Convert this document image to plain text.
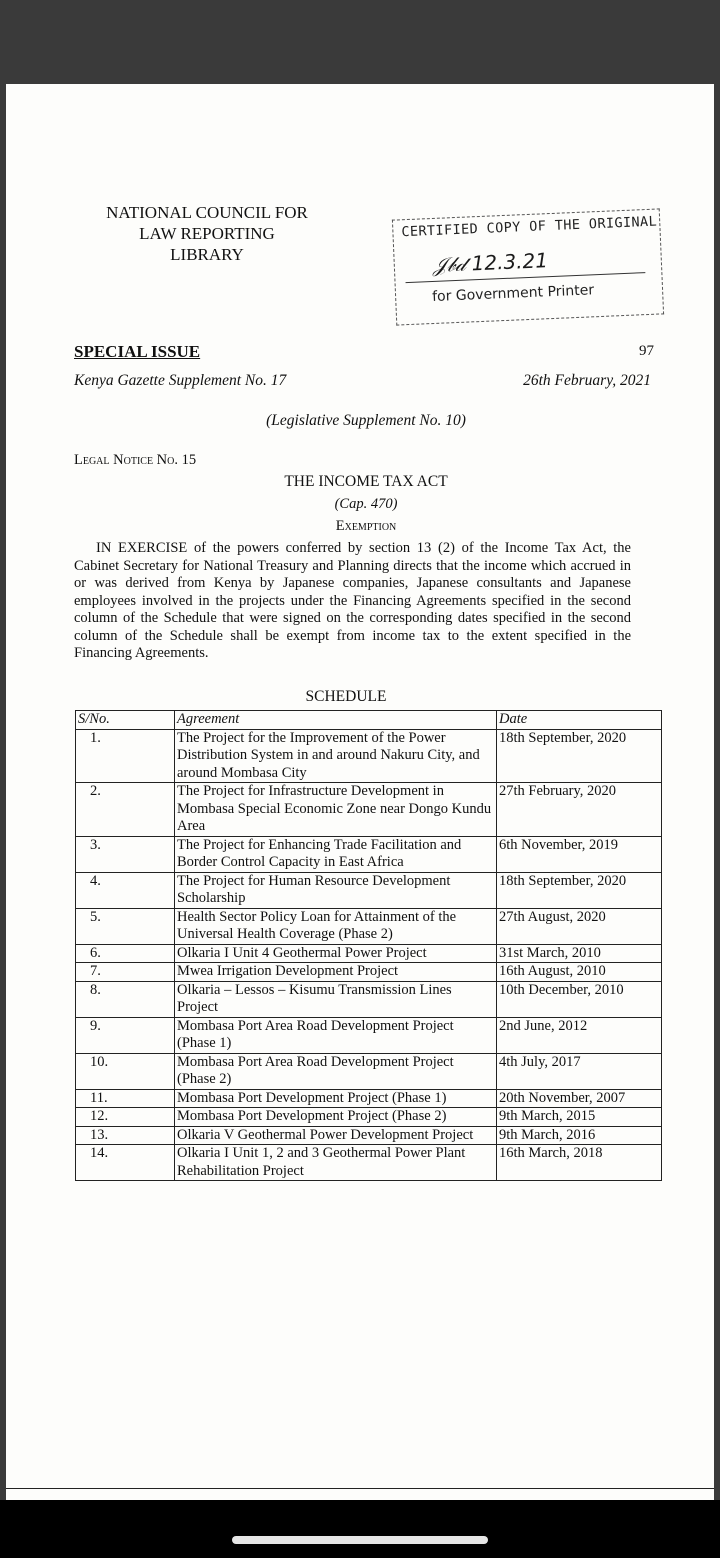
NATIONAL COUNCIL FOR
LAW REPORTING
LIBRARY
CERTIFIED COPY OF THE ORIGINAL
𝒥𝒷𝒹 12.3.21
for Government Printer
SPECIAL ISSUE	97
Kenya Gazette Supplement No. 17	26th February, 2021
(Legislative Supplement No. 10)
Legal Notice No. 15
THE INCOME TAX ACT
(Cap. 470)
Exemption
IN EXERCISE of the powers conferred by section 13 (2) of the Income Tax Act, the Cabinet Secretary for National Treasury and Planning directs that the income which accrued in or was derived from Kenya by Japanese companies, Japanese consultants and Japanese employees involved in the projects under the Financing Agreements specified in the second column of the Schedule that were signed on the corresponding dates specified in the second column of the Schedule shall be exempt from income tax to the extent specified in the Financing Agreements.
SCHEDULE
S/No.	Agreement	Date
1.	The Project for the Improvement of the Power Distribution System in and around Nakuru City, and around Mombasa City	18th September, 2020
2.	The Project for Infrastructure Development in Mombasa Special Economic Zone near Dongo Kundu Area	27th February, 2020
3.	The Project for Enhancing Trade Facilitation and Border Control Capacity in East Africa	6th November, 2019
4.	The Project for Human Resource Development Scholarship	18th September, 2020
5.	Health Sector Policy Loan for Attainment of the Universal Health Coverage (Phase 2)	27th August, 2020
6.	Olkaria I Unit 4 Geothermal Power Project	31st March, 2010
7.	Mwea Irrigation Development Project	16th August, 2010
8.	Olkaria – Lessos – Kisumu Transmission Lines Project	10th December, 2010
9.	Mombasa Port Area Road Development Project (Phase 1)	2nd June, 2012
10.	Mombasa Port Area Road Development Project (Phase 2)	4th July, 2017
11.	Mombasa Port Development Project (Phase 1)	20th November, 2007
12.	Mombasa Port Development Project (Phase 2)	9th March, 2015
13.	Olkaria V Geothermal Power Development Project	9th March, 2016
14.	Olkaria I Unit 1, 2 and 3 Geothermal Power Plant Rehabilitation Project	16th March, 2018
